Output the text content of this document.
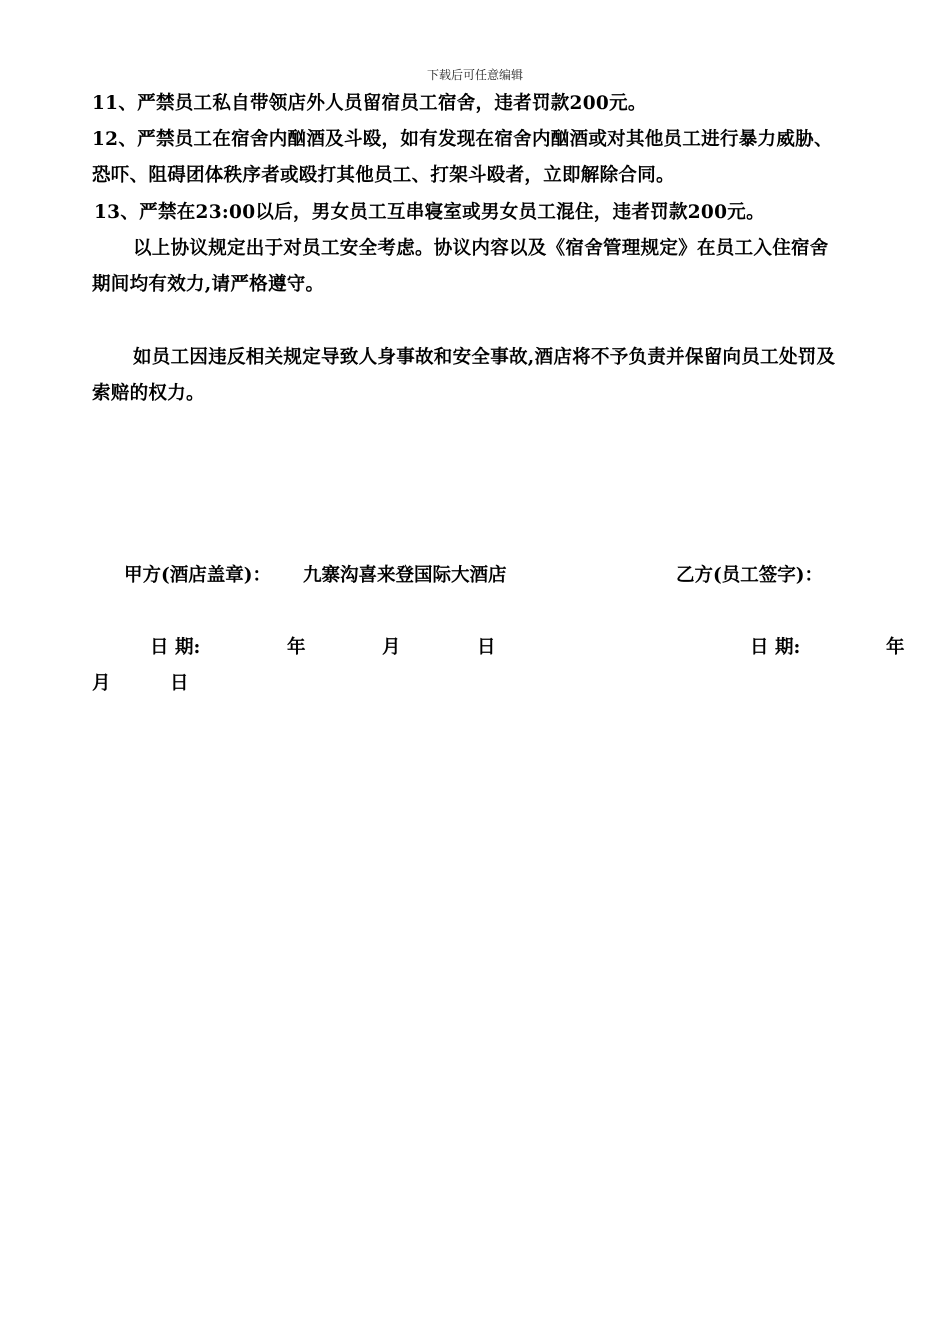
下载后可任意编辑
11、严禁员工私自带领店外人员留宿员工宿舍，违者罚款200元。
12、严禁员工在宿舍内酗酒及斗殴，如有发现在宿舍内酗酒或对其他员工进行暴力威胁、
恐吓、阻碍团体秩序者或殴打其他员工、打架斗殴者，立即解除合同。
13、严禁在23:00以后，男女员工互串寝室或男女员工混住，违者罚款200元。
以上协议规定出于对员工安全考虑。协议内容以及《宿舍管理规定》在员工入住宿舍
期间均有效力,请严格遵守。
如员工因违反相关规定导致人身事故和安全事故,酒店将不予负责并保留向员工处罚及
索赔的权力。
甲方(酒店盖章)： 九寨沟喜来登国际大酒店	乙方(员工签字)：
日 期:	年	月	日	日 期:	年
月	日
